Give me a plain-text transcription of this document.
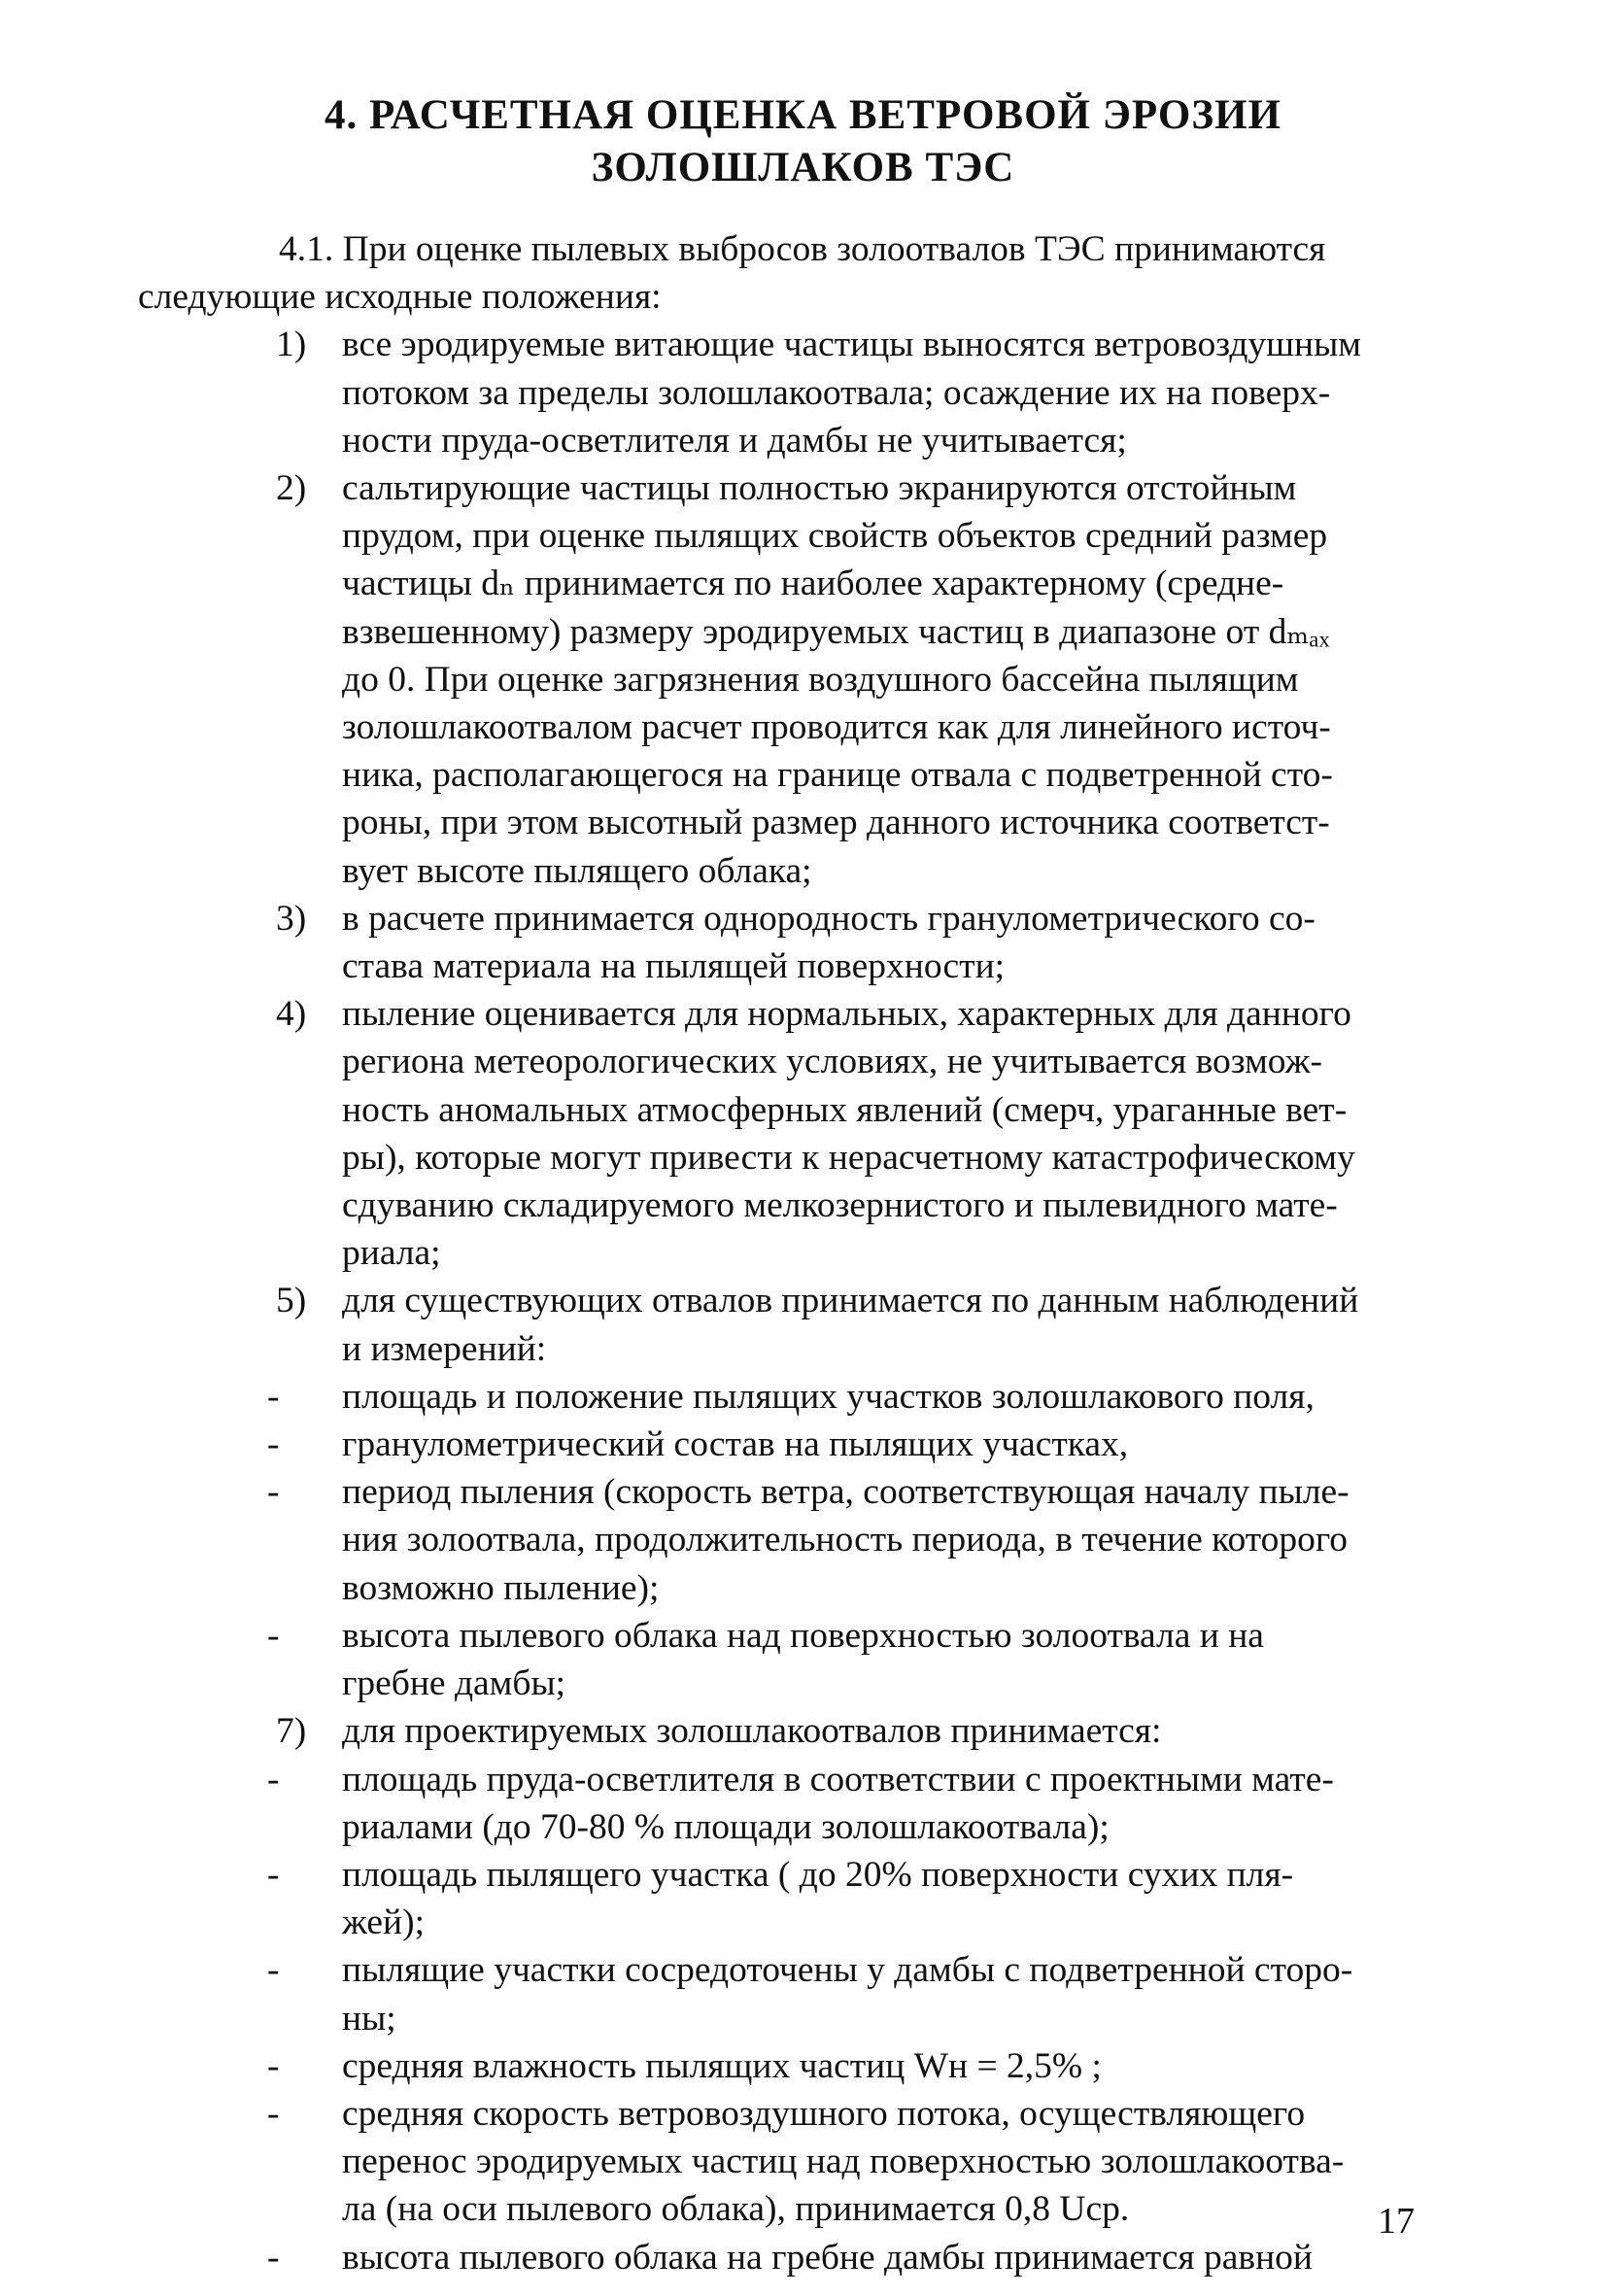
4. РАСЧЕТНАЯ ОЦЕНКА ВЕТРОВОЙ ЭРОЗИИ
ЗОЛОШЛАКОВ ТЭС

4.1. При оценке пылевых выбросов золоотвалов ТЭС принимаются
следующие исходные положения:

1) все эродируемые витающие частицы выносятся ветровоздушным
потоком за пределы золошлакоотвала; осаждение их на поверх-
ности пруда-осветлителя и дамбы не учитывается;
2) сальтирующие частицы полностью экранируются отстойным
прудом, при оценке пылящих свойств объектов средний размер
частицы dₙ принимается по наиболее характерному (средне-
взвешенному) размеру эродируемых частиц в диапазоне от dₘₐₓ
до 0. При оценке загрязнения воздушного бассейна пылящим
золошлакоотвалом расчет проводится как для линейного источ-
ника, располагающегося на границе отвала с подветренной сто-
роны, при этом высотный размер данного источника соответст-
вует высоте пылящего облака;
3) в расчете принимается однородность гранулометрического со-
става материала на пылящей поверхности;
4) пыление оценивается для нормальных, характерных для данного
региона метеорологических условиях, не учитывается возмож-
ность аномальных атмосферных явлений (смерч, ураганные вет-
ры), которые могут привести к нерасчетному катастрофическому
сдуванию складируемого мелкозернистого и пылевидного мате-
риала;
5) для существующих отвалов принимается по данным наблюдений
и измерений:
-	площадь и положение пылящих участков золошлакового поля,
-	гранулометрический состав на пылящих участках,
-	период пыления (скорость ветра, соответствующая началу пыле-
ния золоотвала, продолжительность периода, в течение которого
возможно пыление);
-	высота пылевого облака над поверхностью золоотвала и на
гребне дамбы;
7) для проектируемых золошлакоотвалов принимается:
-	площадь пруда-осветлителя в соответствии с проектными мате-
риалами (до 70-80 % площади золошлакоотвала);
-	площадь пылящего участка ( до 20% поверхности сухих пля-
жей);
-	пылящие участки сосредоточены у дамбы с подветренной сторо-
ны;
-	средняя влажность пылящих частиц Wн = 2,5% ;
-	средняя скорость ветровоздушного потока, осуществляющего
перенос эродируемых частиц над поверхностью золошлакоотва-
ла (на оси пылевого облака), принимается 0,8 Uср.
-	высота пылевого облака на гребне дамбы принимается равной
17
